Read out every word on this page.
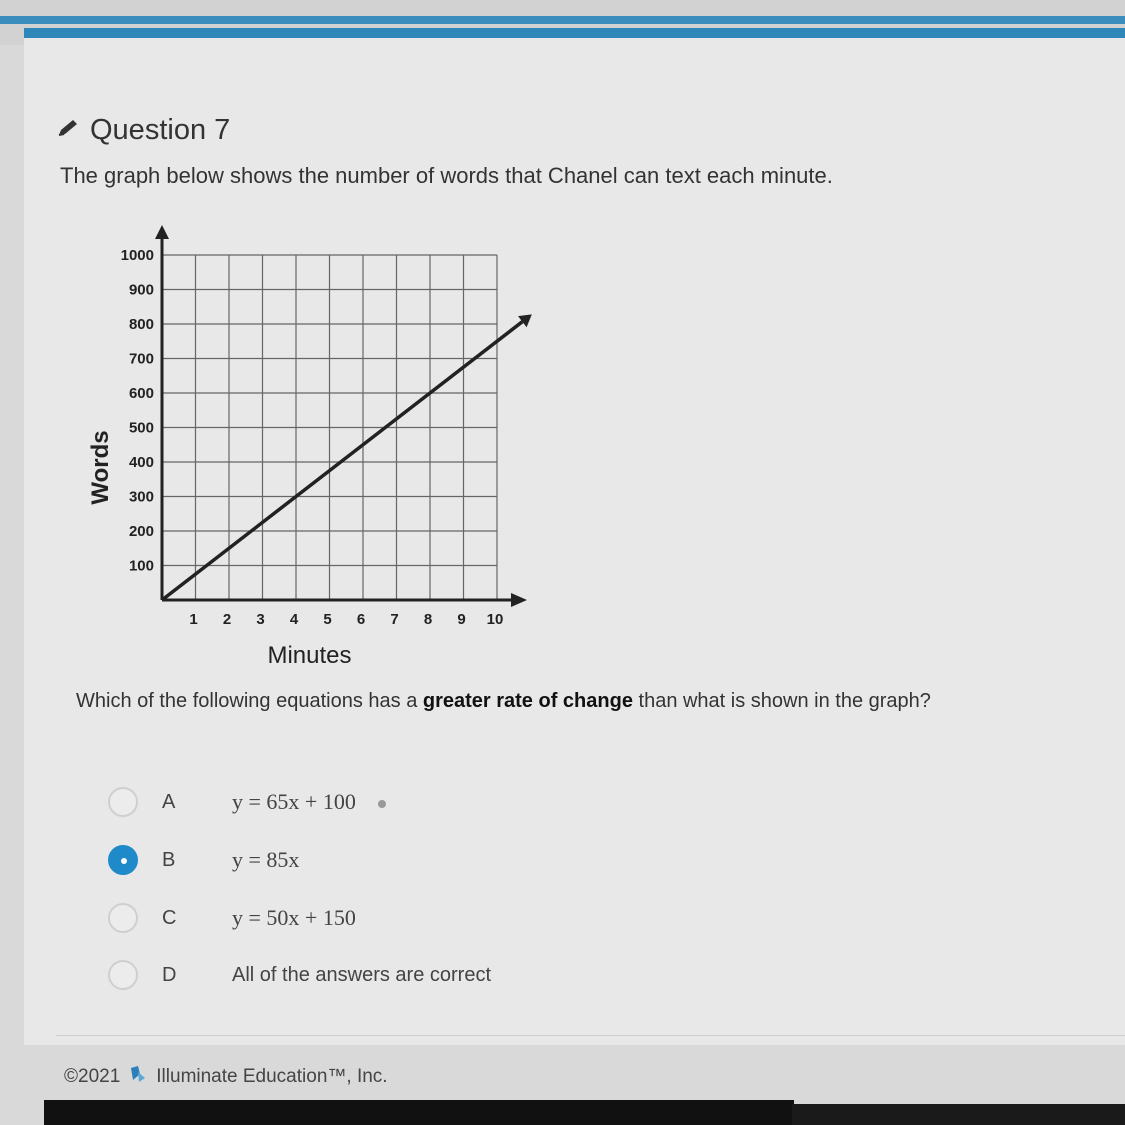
Question 7
The graph below shows the number of words that Chanel can text each minute.
1 2 3 4 5 6 7 8 9 10
100
200
300
400
500
600
700
800
900
1000
Minutes
Words
Which of the following equations has a greater rate of change than what is shown in the graph?
A	y = 65x + 100
B	y = 85x
C	y = 50x + 150
D	All of the answers are correct
©2021 Illuminate Education™, Inc.
